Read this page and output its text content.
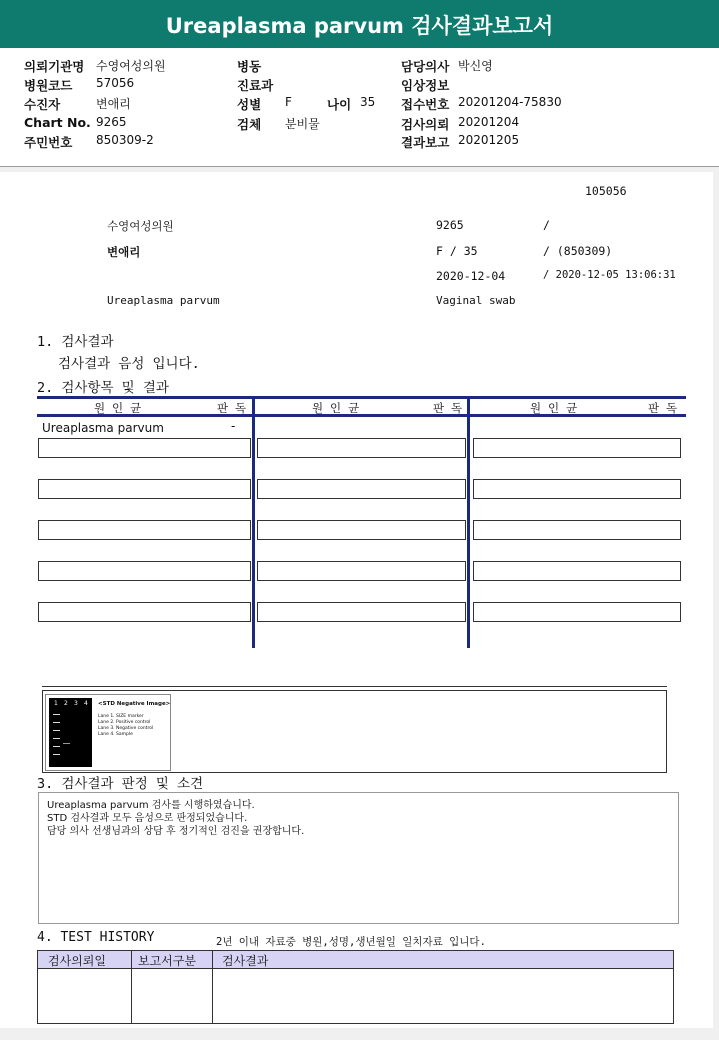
Ureaplasma parvum 검사결과보고서
의뢰기관명 수영여성의원
병원코드 57056
수진자	변애리
Chart No. 9265
주민번호 850309-2
병동
진료과
성별 F	나이 35
검체 분비물
담당의사 박신영
임상정보
접수번호 20201204-75830
검사의뢰 20201204
결과보고 20201205
105056
수영여성의원	9265	/
변애리	F / 35	/ (850309)
2020-12-04	/ 2020-12-05 13:06:31
Ureaplasma parvum	Vaginal swab
1. 검사결과
검사결과 음성 입니다.
2. 검사항목 및 결과
원 인 균	판 독	원 인 균	판 독	원 인 균	판 독
Ureaplasma parvum	-
1 2 3 4 <STD Negative Image>
Lane 1. SIZE marker
Lane 2. Positive control
Lane 3. Negative control
Lane 4. Sample
3. 검사결과 판정 및 소견
Ureaplasma parvum 검사를 시행하였습니다.
STD 검사결과 모두 음성으로 판정되었습니다.
담당 의사 선생님과의 상담 후 정기적인 검진을 권장합니다.
4. TEST HISTORY	2년 이내 자료중 병원,성명,생년월일 일치자료 입니다.
검사의뢰일	보고서구분 검사결과
